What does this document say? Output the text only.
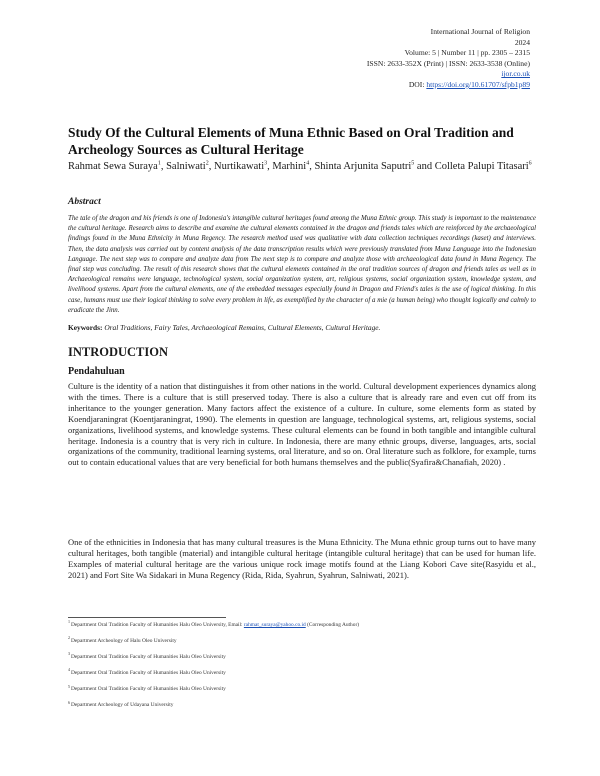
International Journal of Religion
2024
Volume: 5 | Number 11 | pp. 2305 – 2315
ISSN: 2633-352X (Print) | ISSN: 2633-3538 (Online)
ijor.co.uk
DOI: https://doi.org/10.61707/sfpb1p89
Study Of the Cultural Elements of Muna Ethnic Based on Oral Tradition and Archeology Sources as Cultural Heritage

Rahmat Sewa Suraya$^1$, Salniwati$^2$, Nurtikawati$^3$, Marhini$^4$, Shinta Arjunita Saputri$^5$ and Colleta Palupi Titasari$^6$

Abstract

The tale of the dragon and his friends is one of Indonesia's intangible cultural heritages found among the Muna Ethnic group. This study is important to the maintenance the cultural heritage. Research aims to describe and examine the cultural elements contained in the dragon and friends tales which are reinforced by the archaeological findings found in the Muna Ethnicity in Muna Regency. The research method used was qualitative with data collection techniques recordings (kaset) and interviews. Then, the data analysis was carried out by content analysis of the data transcription results which were previously translated from Muna Language into the Indonesian Language. The next step was to compare and analyze data from The next step is to compare and analyze those with archaeological data found in Muna Regency. The final step was concluding. The result of this research shows that the cultural elements contained in the oral tradition sources of dragon and friends tales as well as in Archaeological remains were language, technological system, social organization system, art, religious systems, social organization system, knowledge system, and livelihood systems. Apart from the cultural elements, one of the embedded messages especially found in Dragon and Friend's tales is the use of logical thinking. In this case, humans must use their logical thinking to solve every problem in life, as exemplified by the character of a mie (a human being) who thought logically and calmly to eradicate the Jinn.

Keywords: Oral Traditions, Fairy Tales, Archaeological Remains, Cultural Elements, Cultural Heritage.

INTRODUCTION
Pendahuluan

Culture is the identity of a nation that distinguishes it from other nations in the world. Cultural development experiences dynamics along with the times. There is a culture that is still preserved today. There is also a culture that is already rare and even cut off from its inheritance to the younger generation. Many factors affect the existence of a culture. In culture, some elements form as stated by Koendjaraningrat (Koentjaraningrat, 1990). The elements in question are language, technological systems, art, religious systems, social organizations, livelihood systems, and knowledge systems. These cultural elements can be found in both tangible and intangible cultural heritage. Indonesia is a country that is very rich in culture. In Indonesia, there are many ethnic groups, diverse, languages, arts, social organizations of the community, traditional learning systems, oral literature, and so on. Oral literature such as folklore, for example, turns out to contain educational values that are very beneficial for both humans themselves and the public(Syafira&Chanafiah, 2020) .

One of the ethnicities in Indonesia that has many cultural treasures is the Muna Ethnicity. The Muna ethnic group turns out to have many cultural heritages, both tangible (material) and intangible cultural heritage (intangible cultural heritage) that can be used for human life. Examples of material cultural heritage are the various unique rock image motifs found at the Liang Kobori Cave site(Rasyidu et al., 2021) and Fort Site Wa Sidakari in Muna Regency (Rida, Rida, Syahrun, Syahrun, Salniwati, 2021).

$^1$Department Oral Tradition Faculty of Humanities Halu Oleo University, Email: rahmat_suraya@yahoo.co.id (Corresponding Author)

$^2$Department Archeology of Halu Oleo University

$^3$Department Oral Tradition Faculty of Humanities Halu Oleo University

$^4$Department Oral Tradition Faculty of Humanities Halu Oleo University

$^5$Department Oral Tradition Faculty of Humanities Halu Oleo University

$^6$Department Archeology of Udayana University
